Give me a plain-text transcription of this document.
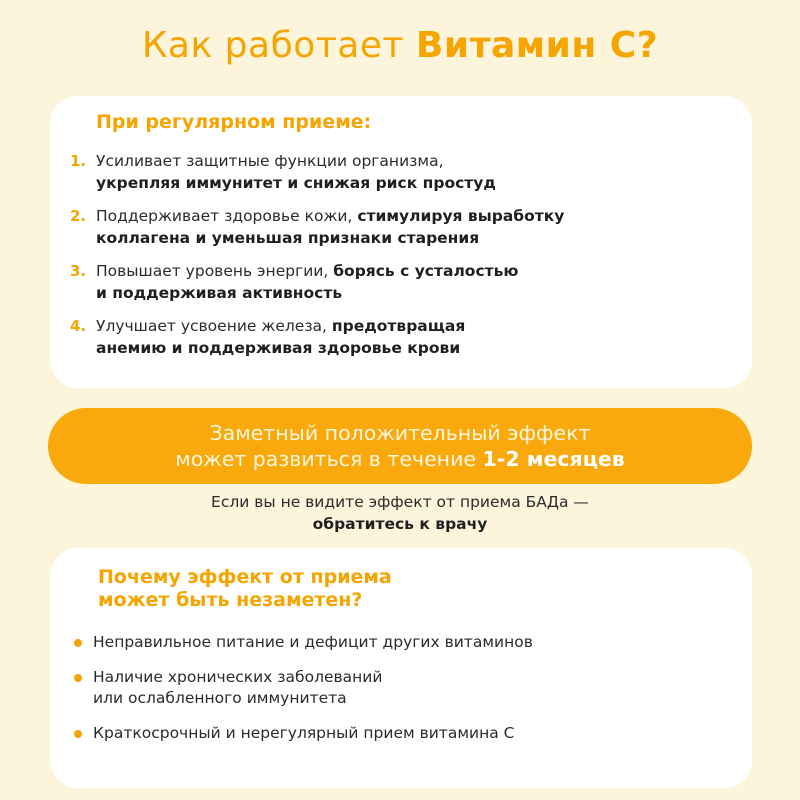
Как работает Витамин С?
При регулярном приеме:
1. Усиливает защитные функции организма,
укрепляя иммунитет и снижая риск простуд
2. Поддерживает здоровье кожи, стимулируя выработку
коллагена и уменьшая признаки старения
3. Повышает уровень энергии, борясь с усталостью
и поддерживая активность
4. Улучшает усвоение железа, предотвращая
анемию и поддерживая здоровье крови
Заметный положительный эффект
может развиться в течение 1-2 месяцев
Если вы не видите эффект от приема БАДа —
обратитесь к врачу
Почему эффект от приема
может быть незаметен?
Неправильное питание и дефицит других витаминов
Наличие хронических заболеваний
или ослабленного иммунитета
Краткосрочный и нерегулярный прием витамина С
